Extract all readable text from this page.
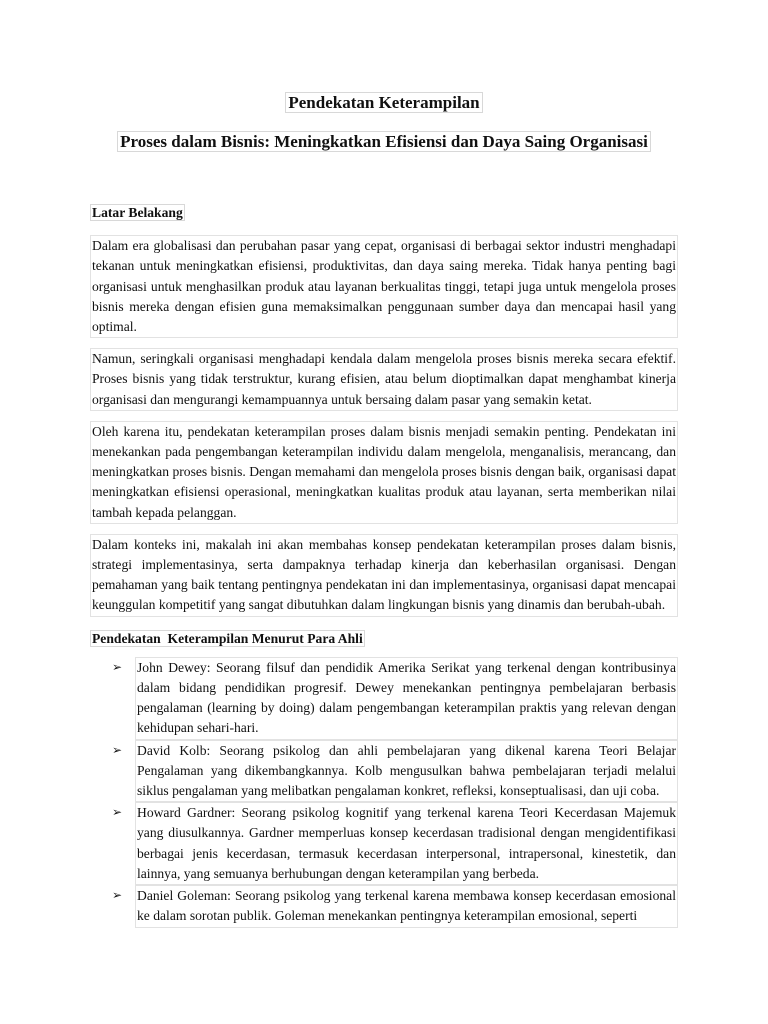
Pendekatan Keterampilan
Proses dalam Bisnis: Meningkatkan Efisiensi dan Daya Saing Organisasi
Latar Belakang

Dalam era globalisasi dan perubahan pasar yang cepat, organisasi di berbagai sektor industri menghadapi tekanan untuk meningkatkan efisiensi, produktivitas, dan daya saing mereka. Tidak hanya penting bagi organisasi untuk menghasilkan produk atau layanan berkualitas tinggi, tetapi juga untuk mengelola proses bisnis mereka dengan efisien guna memaksimalkan penggunaan sumber daya dan mencapai hasil yang optimal.

Namun, seringkali organisasi menghadapi kendala dalam mengelola proses bisnis mereka secara efektif. Proses bisnis yang tidak terstruktur, kurang efisien, atau belum dioptimalkan dapat menghambat kinerja organisasi dan mengurangi kemampuannya untuk bersaing dalam pasar yang semakin ketat.

Oleh karena itu, pendekatan keterampilan proses dalam bisnis menjadi semakin penting. Pendekatan ini menekankan pada pengembangan keterampilan individu dalam mengelola, menganalisis, merancang, dan meningkatkan proses bisnis. Dengan memahami dan mengelola proses bisnis dengan baik, organisasi dapat meningkatkan efisiensi operasional, meningkatkan kualitas produk atau layanan, serta memberikan nilai tambah kepada pelanggan.

Dalam konteks ini, makalah ini akan membahas konsep pendekatan keterampilan proses dalam bisnis, strategi implementasinya, serta dampaknya terhadap kinerja dan keberhasilan organisasi. Dengan pemahaman yang baik tentang pentingnya pendekatan ini dan implementasinya, organisasi dapat mencapai keunggulan kompetitif yang sangat dibutuhkan dalam lingkungan bisnis yang dinamis dan berubah-ubah.

Pendekatan  Keterampilan Menurut Para Ahli
➢ John Dewey: Seorang filsuf dan pendidik Amerika Serikat yang terkenal dengan kontribusinya dalam bidang pendidikan progresif. Dewey menekankan pentingnya pembelajaran berbasis pengalaman (learning by doing) dalam pengembangan keterampilan praktis yang relevan dengan kehidupan sehari-hari.
➢ David Kolb: Seorang psikolog dan ahli pembelajaran yang dikenal karena Teori Belajar Pengalaman yang dikembangkannya. Kolb mengusulkan bahwa pembelajaran terjadi melalui siklus pengalaman yang melibatkan pengalaman konkret, refleksi, konseptualisasi, dan uji coba.
➢ Howard Gardner: Seorang psikolog kognitif yang terkenal karena Teori Kecerdasan Majemuk yang diusulkannya. Gardner memperluas konsep kecerdasan tradisional dengan mengidentifikasi berbagai jenis kecerdasan, termasuk kecerdasan interpersonal, intrapersonal, kinestetik, dan lainnya, yang semuanya berhubungan dengan keterampilan yang berbeda.
➢ Daniel Goleman: Seorang psikolog yang terkenal karena membawa konsep kecerdasan emosional ke dalam sorotan publik. Goleman menekankan pentingnya keterampilan emosional, seperti
